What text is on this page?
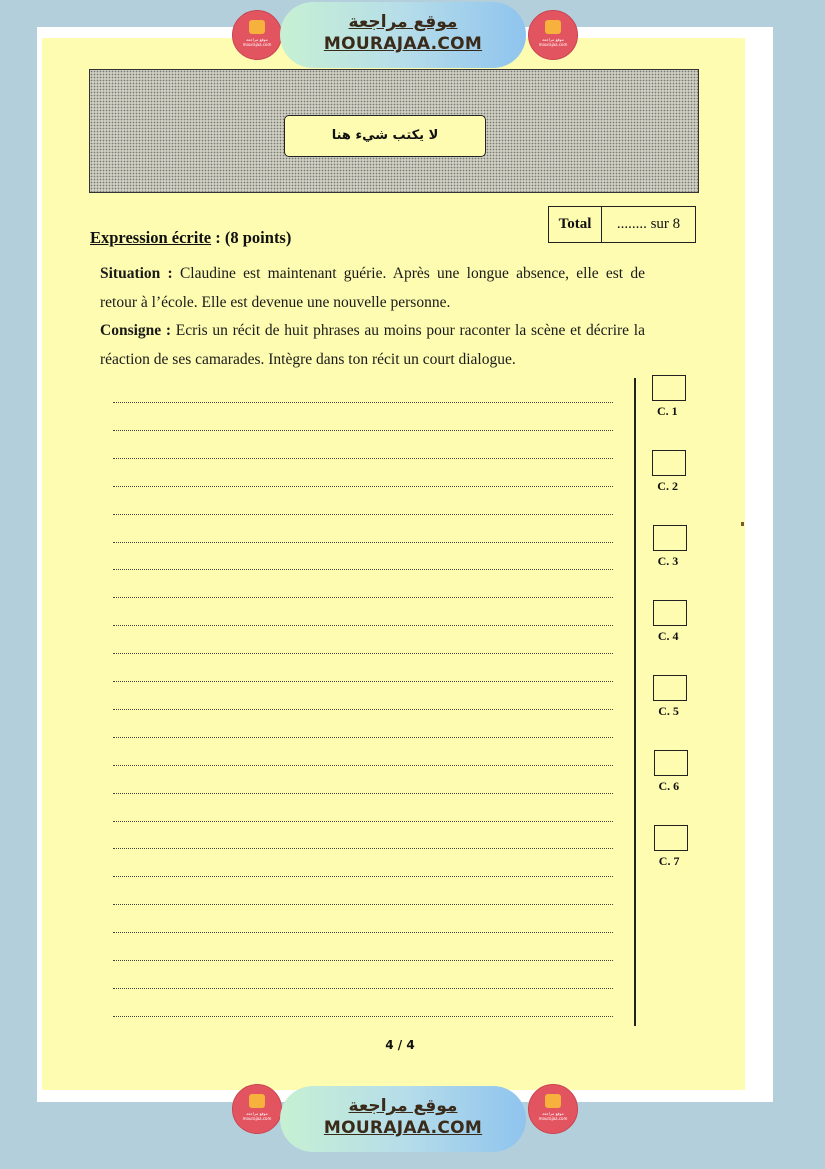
موقع مراجعة
mourajaa.com
موقع مراجعة
MOURAJAA.COM	موقع مراجعة
mourajaa.com
لا يكتب شيء هنا
Total	........ sur 8
Expression écrite : (8 points)
Situation : Claudine est maintenant guérie. Après une longue absence, elle est de retour à l’école. Elle est devenue une nouvelle personne.
Consigne : Ecris un récit de huit phrases au moins pour raconter la scène et décrire la réaction de ses camarades. Intègre dans ton récit un court dialogue.
C. 1
C. 2
C. 3
C. 4
C. 5
C. 6
C. 7
4 / 4
موقع مراجعة
mourajaa.com
موقع مراجعة
MOURAJAA.COM
موقع مراجعة
mourajaa.com
